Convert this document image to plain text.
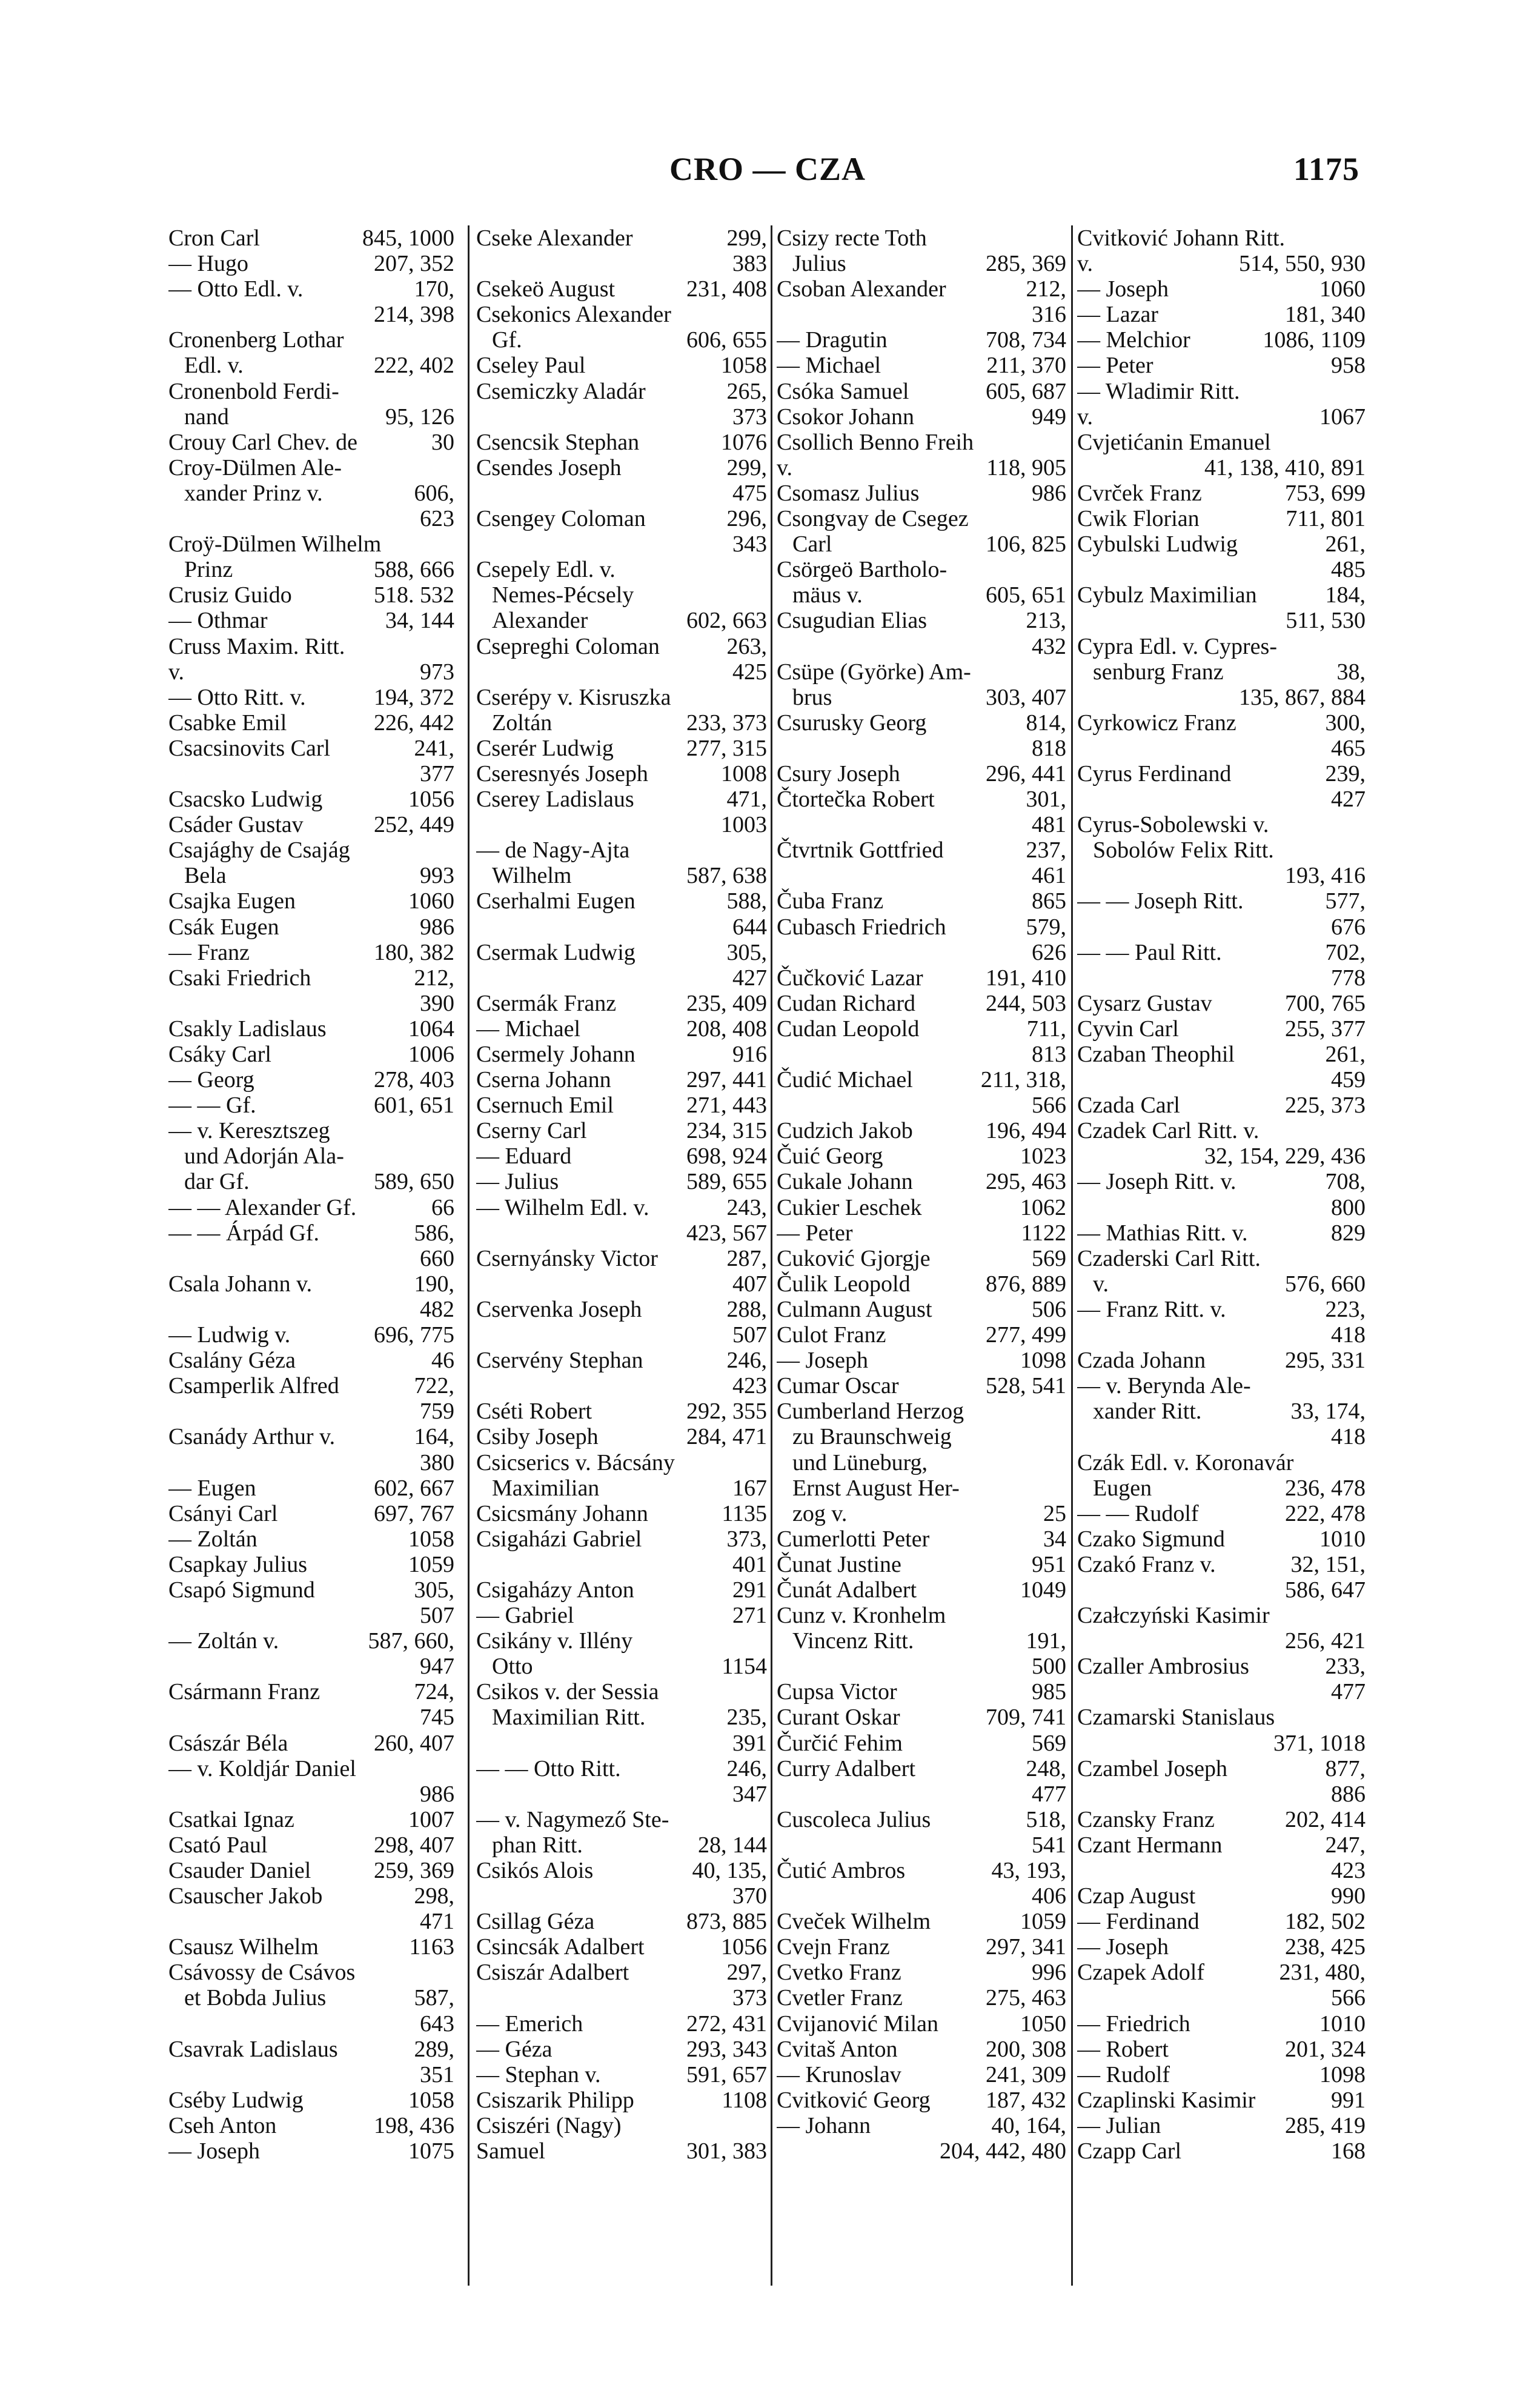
CRO — CZA	1175
Cron Carl	845, 1000
— Hugo	207, 352
— Otto Edl. v.	170,
214, 398
Cronenberg Lothar
Edl. v.	222, 402
Cronenbold Ferdi-
nand	95, 126
Crouy Carl Chev. de	30
Croy-Dülmen Ale-
xander Prinz v.	606,
623
Croÿ-Dülmen Wilhelm
Prinz	588, 666
Crusiz Guido	518. 532
— Othmar	34, 144
Cruss Maxim. Ritt.
v.	973
— Otto Ritt. v.	194, 372
Csabke Emil	226, 442
Csacsinovits Carl	241,
377
Csacsko Ludwig	1056
Csáder Gustav	252, 449
Csajághy de Csajág
Bela	993
Csajka Eugen	1060
Csák Eugen	986
— Franz	180, 382
Csaki Friedrich	212,
390
Csakly Ladislaus	1064
Csáky Carl	1006
— Georg	278, 403
— — Gf.	601, 651
— v. Keresztszeg
und Adorján Ala-
dar Gf.	589, 650
— — Alexander Gf.	66
— — Árpád Gf.	586,
660
Csala Johann v.	190,
482
— Ludwig v.	696, 775
Csalány Géza	46
Csamperlik Alfred	722,
759
Csanády Arthur v.	164,
380
— Eugen	602, 667
Csányi Carl	697, 767
— Zoltán	1058
Csapkay Julius	1059
Csapó Sigmund	305,
507
— Zoltán v.	587, 660,
947
Csármann Franz	724,
745
Császár Béla	260, 407
— v. Koldjár Daniel
986
Csatkai Ignaz	1007
Csató Paul	298, 407
Csauder Daniel	259, 369
Csauscher Jakob	298,
471
Csausz Wilhelm	1163
Csávossy de Csávos
et Bobda Julius	587,
643
Csavrak Ladislaus	289,
351
Cséby Ludwig	1058
Cseh Anton	198, 436
— Joseph	1075
Cseke Alexander	299,
383
Csekeö August	231, 408
Csekonics Alexander
Gf.	606, 655
Cseley Paul	1058
Csemiczky Aladár	265,
373
Csencsik Stephan	1076
Csendes Joseph	299,
475
Csengey Coloman	296,
343
Csepely Edl. v.
Nemes-Pécsely
Alexander	602, 663
Csepreghi Coloman	263,
425
Cserépy v. Kisruszka
Zoltán	233, 373
Cserér Ludwig	277, 315
Cseresnyés Joseph	1008
Cserey Ladislaus	471,
1003
— de Nagy-Ajta
Wilhelm	587, 638
Cserhalmi Eugen	588,
644
Csermak Ludwig	305,
427
Csermák Franz	235, 409
— Michael	208, 408
Csermely Johann	916
Cserna Johann	297, 441
Csernuch Emil	271, 443
Cserny Carl	234, 315
— Eduard	698, 924
— Julius	589, 655
— Wilhelm Edl. v.	243,
423, 567
Csernyánsky Victor	287,
407
Cservenka Joseph	288,
507
Cservény Stephan	246,
423
Cséti Robert	292, 355
Csiby Joseph	284, 471
Csicserics v. Bácsány
Maximilian	167
Csicsmány Johann	1135
Csigaházi Gabriel	373,
401
Csigaházy Anton	291
— Gabriel	271
Csikány v. Illény
Otto	1154
Csikos v. der Sessia
Maximilian Ritt.	235,
391
— — Otto Ritt.	246,
347
— v. Nagymező Ste-
phan Ritt.	28, 144
Csikós Alois	40, 135,
370
Csillag Géza	873, 885
Csincsák Adalbert	1056
Csiszár Adalbert	297,
373
— Emerich	272, 431
— Géza	293, 343
— Stephan v.	591, 657
Csiszarik Philipp	1108
Csiszéri (Nagy)
Samuel	301, 383
Csizy recte Toth
Julius	285, 369
Csoban Alexander	212,
316
— Dragutin	708, 734
— Michael	211, 370
Csóka Samuel	605, 687
Csokor Johann	949
Csollich Benno Freih
v.	118, 905
Csomasz Julius	986
Csongvay de Csegez
Carl	106, 825
Csörgeö Bartholo-
mäus v.	605, 651
Csugudian Elias	213,
432
Csüpe (Györke) Am-
brus	303, 407
Csurusky Georg	814,
818
Csury Joseph	296, 441
Čtortečka Robert	301,
481
Čtvrtnik Gottfried	237,
461
Čuba Franz	865
Cubasch Friedrich	579,
626
Čučković Lazar	191, 410
Cudan Richard	244, 503
Cudan Leopold	711,
813
Čudić Michael	211, 318,
566
Cudzich Jakob	196, 494
Čuić Georg	1023
Cukale Johann	295, 463
Cukier Leschek	1062
— Peter	1122
Cuković Gjorgje	569
Čulik Leopold	876, 889
Culmann August	506
Culot Franz	277, 499
— Joseph	1098
Cumar Oscar	528, 541
Cumberland Herzog
zu Braunschweig
und Lüneburg,
Ernst August Her-
zog v.	25
Cumerlotti Peter	34
Čunat Justine	951
Čunát Adalbert	1049
Cunz v. Kronhelm
Vincenz Ritt.	191,
500
Cupsa Victor	985
Curant Oskar	709, 741
Čurčić Fehim	569
Curry Adalbert	248,
477
Cuscoleca Julius	518,
541
Čutić Ambros	43, 193,
406
Cveček Wilhelm	1059
Cvejn Franz	297, 341
Cvetko Franz	996
Cvetler Franz	275, 463
Cvijanović Milan	1050
Cvitaš Anton	200, 308
— Krunoslav	241, 309
Cvitković Georg 187, 432
— Johann	40, 164,
204, 442, 480
Cvitković Johann Ritt.
v.	514, 550, 930
— Joseph	1060
— Lazar	181, 340
— Melchior	1086, 1109
— Peter	958
— Wladimir Ritt.
v.	1067
Cvjetićanin Emanuel
41, 138, 410, 891
Cvrček Franz	753, 699
Cwik Florian	711, 801
Cybulski Ludwig	261,
485
Cybulz Maximilian	184,
511, 530
Cypra Edl. v. Cypres-
senburg Franz	38,
135, 867, 884
Cyrkowicz Franz	300,
465
Cyrus Ferdinand	239,
427
Cyrus-Sobolewski v.
Sobolów Felix Ritt.
193, 416
— — Joseph Ritt.	577,
676
— — Paul Ritt.	702,
778
Cysarz Gustav	700, 765
Cyvin Carl	255, 377
Czaban Theophil	261,
459
Czada Carl	225, 373
Czadek Carl Ritt. v.
32, 154, 229, 436
— Joseph Ritt. v.	708,
800
— Mathias Ritt. v.	829
Czaderski Carl Ritt.
v.	576, 660
— Franz Ritt. v.	223,
418
Czada Johann	295, 331
— v. Berynda Ale-
xander Ritt.	33, 174,
418
Czák Edl. v. Koronavár
Eugen	236, 478
— — Rudolf	222, 478
Czako Sigmund	1010
Czakó Franz v.	32, 151,
586, 647
Czałczyński Kasimir
256, 421
Czaller Ambrosius	233,
477
Czamarski Stanislaus
371, 1018
Czambel Joseph	877,
886
Czansky Franz	202, 414
Czant Hermann	247,
423
Czap August	990
— Ferdinand	182, 502
— Joseph	238, 425
Czapek Adolf	231, 480,
566
— Friedrich	1010
— Robert	201, 324
— Rudolf	1098
Czaplinski Kasimir	991
— Julian	285, 419
Czapp Carl	168
